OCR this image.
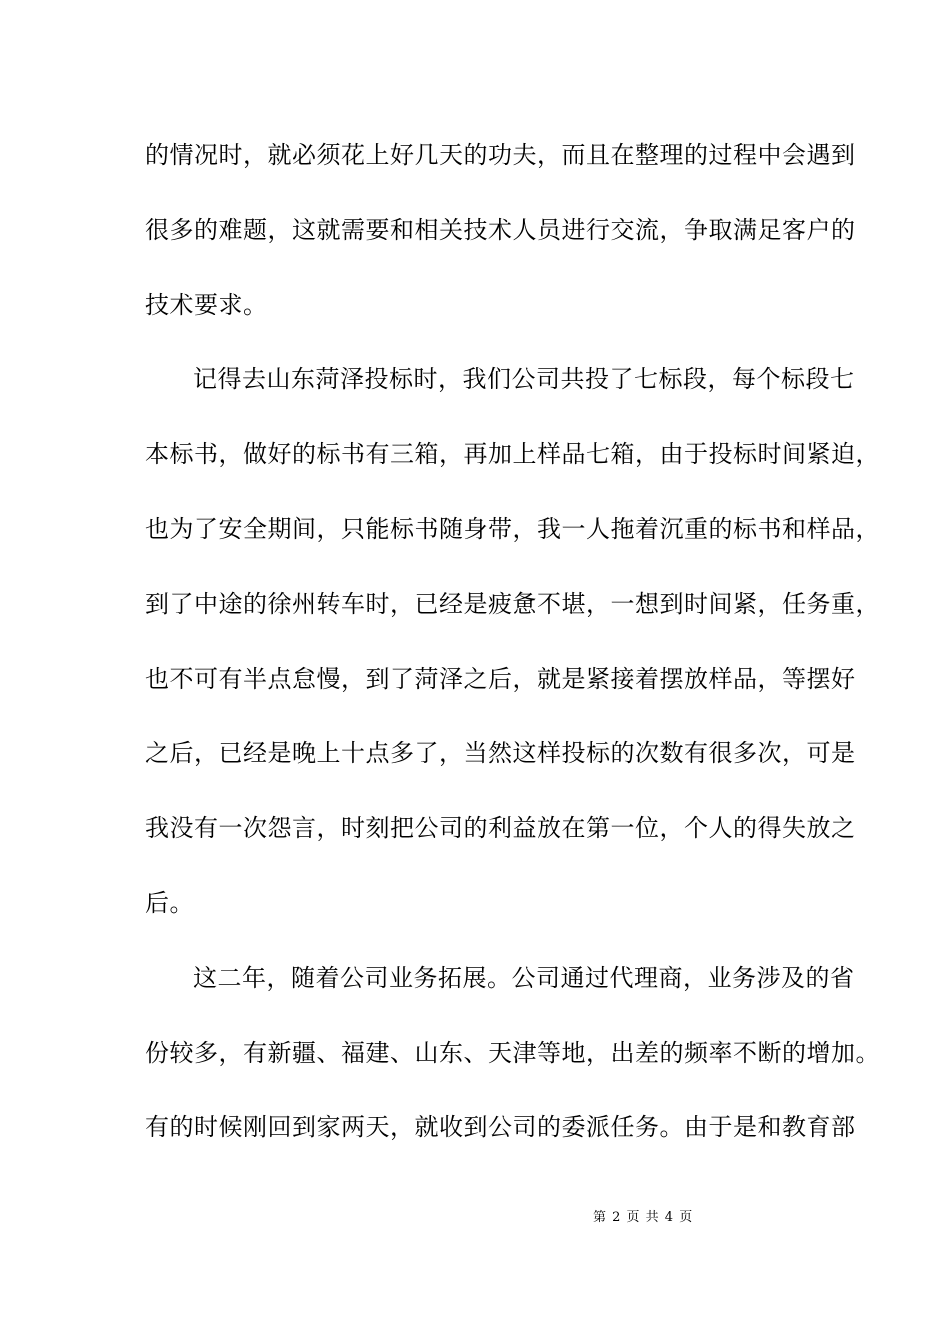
的情况时，就必须花上好几天的功夫，而且在整理的过程中会遇到
很多的难题，这就需要和相关技术人员进行交流，争取满足客户的
技术要求。
记得去山东菏泽投标时，我们公司共投了七标段，每个标段七
本标书，做好的标书有三箱，再加上样品七箱，由于投标时间紧迫，
也为了安全期间，只能标书随身带，我一人拖着沉重的标书和样品，
到了中途的徐州转车时，已经是疲惫不堪，一想到时间紧，任务重，
也不可有半点怠慢，到了菏泽之后，就是紧接着摆放样品，等摆好
之后，已经是晚上十点多了，当然这样投标的次数有很多次，可是
我没有一次怨言，时刻把公司的利益放在第一位，个人的得失放之
后。
这二年，随着公司业务拓展。公司通过代理商，业务涉及的省
份较多，有新疆、福建、山东、天津等地，出差的频率不断的增加。
有的时候刚回到家两天，就收到公司的委派任务。由于是和教育部
第 2 页 共 4 页
